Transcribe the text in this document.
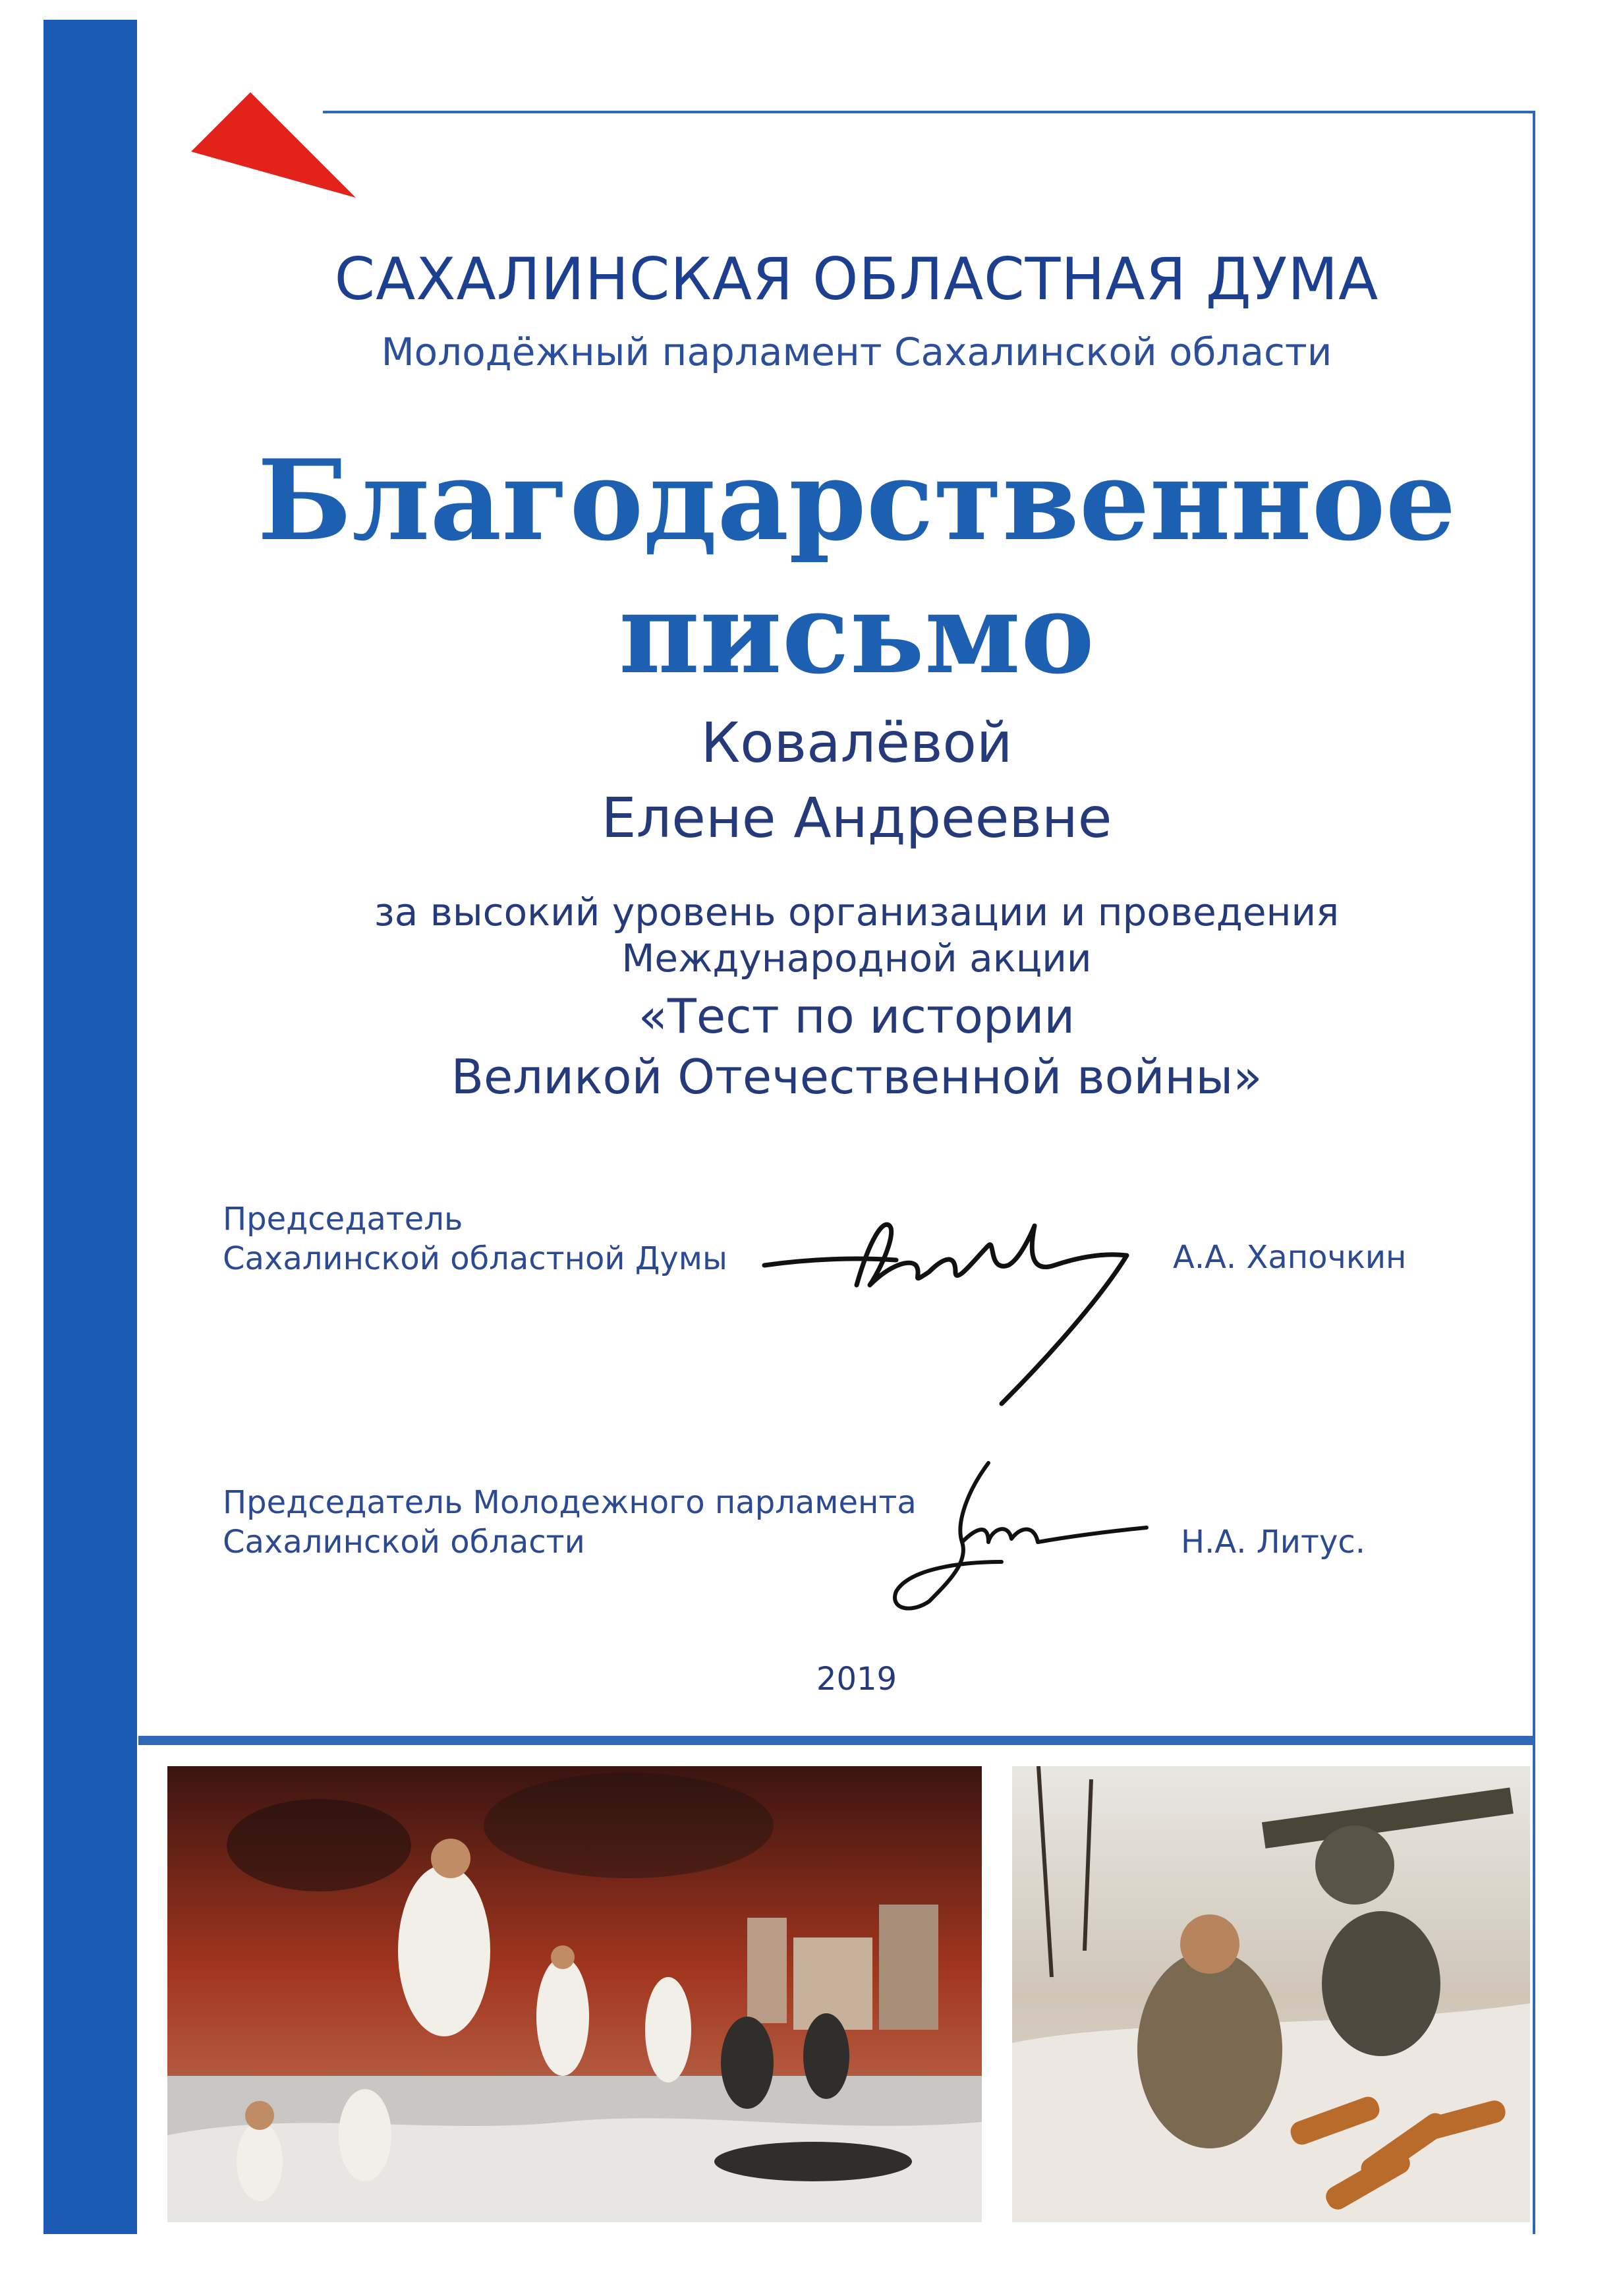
САХАЛИНСКАЯ ОБЛАСТНАЯ ДУМА
Молодёжный парламент Сахалинской области
Благодарственное
письмо
Ковалёвой
Елене Андреевне
за высокий уровень организации и проведения
Международной акции
«Тест по истории
Великой Отечественной войны»
Председатель
Сахалинской областной Думы	А.А. Хапочкин
Председатель Молодежного парламента
Сахалинской области	Н.А. Литус.
2019
